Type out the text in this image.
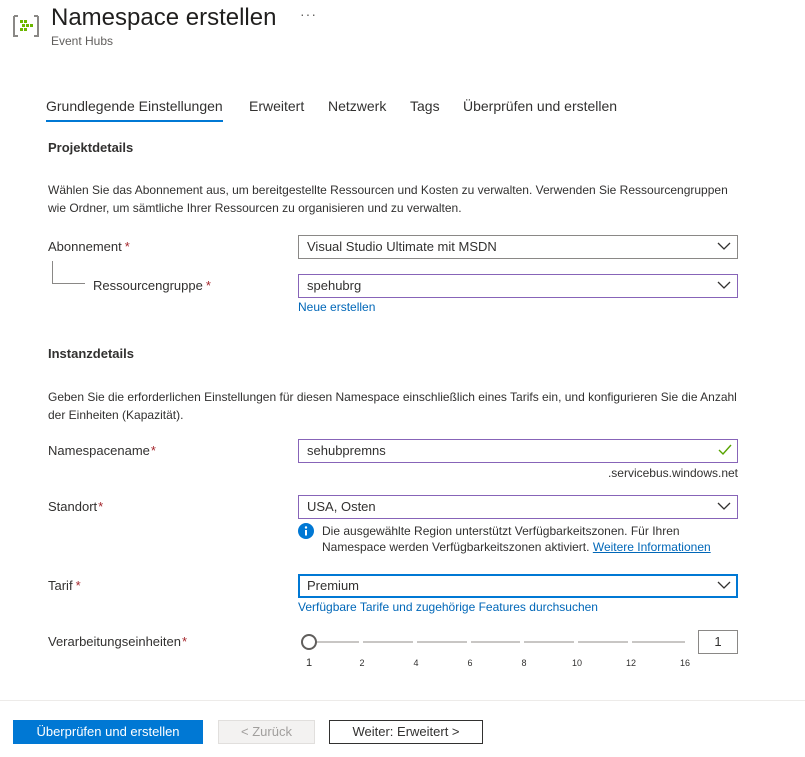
Namespace erstellen ···
Event Hubs
Grundlegende Einstellungen Erweitert Netzwerk Tags Überprüfen und erstellen
Projektdetails
Wählen Sie das Abonnement aus, um bereitgestellte Ressourcen und Kosten zu verwalten. Verwenden Sie Ressourcengruppen wie Ordner, um sämtliche Ihrer Ressourcen zu organisieren und zu verwalten.
Abonnement *	Visual Studio Ultimate mit MSDN
Ressourcengruppe *	spehubrg
Neue erstellen
Instanzdetails
Geben Sie die erforderlichen Einstellungen für diesen Namespace einschließlich eines Tarifs ein, und konfigurieren Sie die Anzahl der Einheiten (Kapazität).
Namespacename*	sehubpremns
.servicebus.windows.net
Standort*	USA, Osten
Die ausgewählte Region unterstützt Verfügbarkeitszonen. Für Ihren Namespace werden Verfügbarkeitszonen aktiviert. Weitere Informationen
Tarif *	Premium
Verfügbare Tarife und zugehörige Features durchsuchen
Verarbeitungseinheiten*
1	2	4	6	8	10	12	16
1
Überprüfen und erstellen	< Zurück	Weiter: Erweitert >
